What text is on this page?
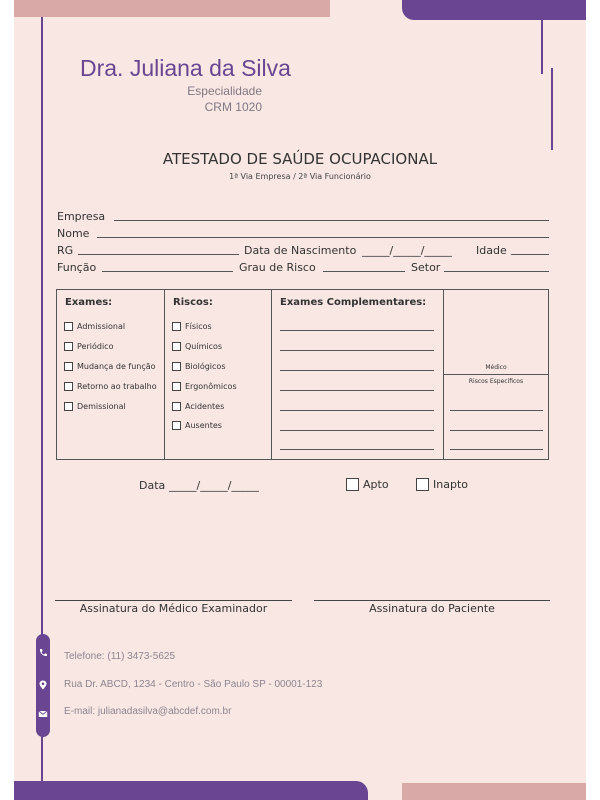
Dra. Juliana da Silva
Especialidade
CRM 1020
ATESTADO DE SAÚDE OCUPACIONAL
1ª Via Empresa / 2ª Via Funcionário
Empresa
Nome
RG	Data de Nascimento _____/_____/_____ Idade
Função	Grau de Risco	Setor
Exames:
Admissional
Periódico
Mudança de função
Retorno ao trabalho
Demissional
Riscos:
Físicos
Químicos
Biológicos
Ergonômicos
Acidentes
Ausentes
Exames Complementares:
Médico
Riscos Específicos
Data _____/_____/_____	Apto	Inapto
Assinatura do Médico Examinador	Assinatura do Paciente
Telefone: (11) 3473-5625
Rua Dr. ABCD, 1234 - Centro - São Paulo SP - 00001-123
E-mail: julianadasilva@abcdef.com.br
